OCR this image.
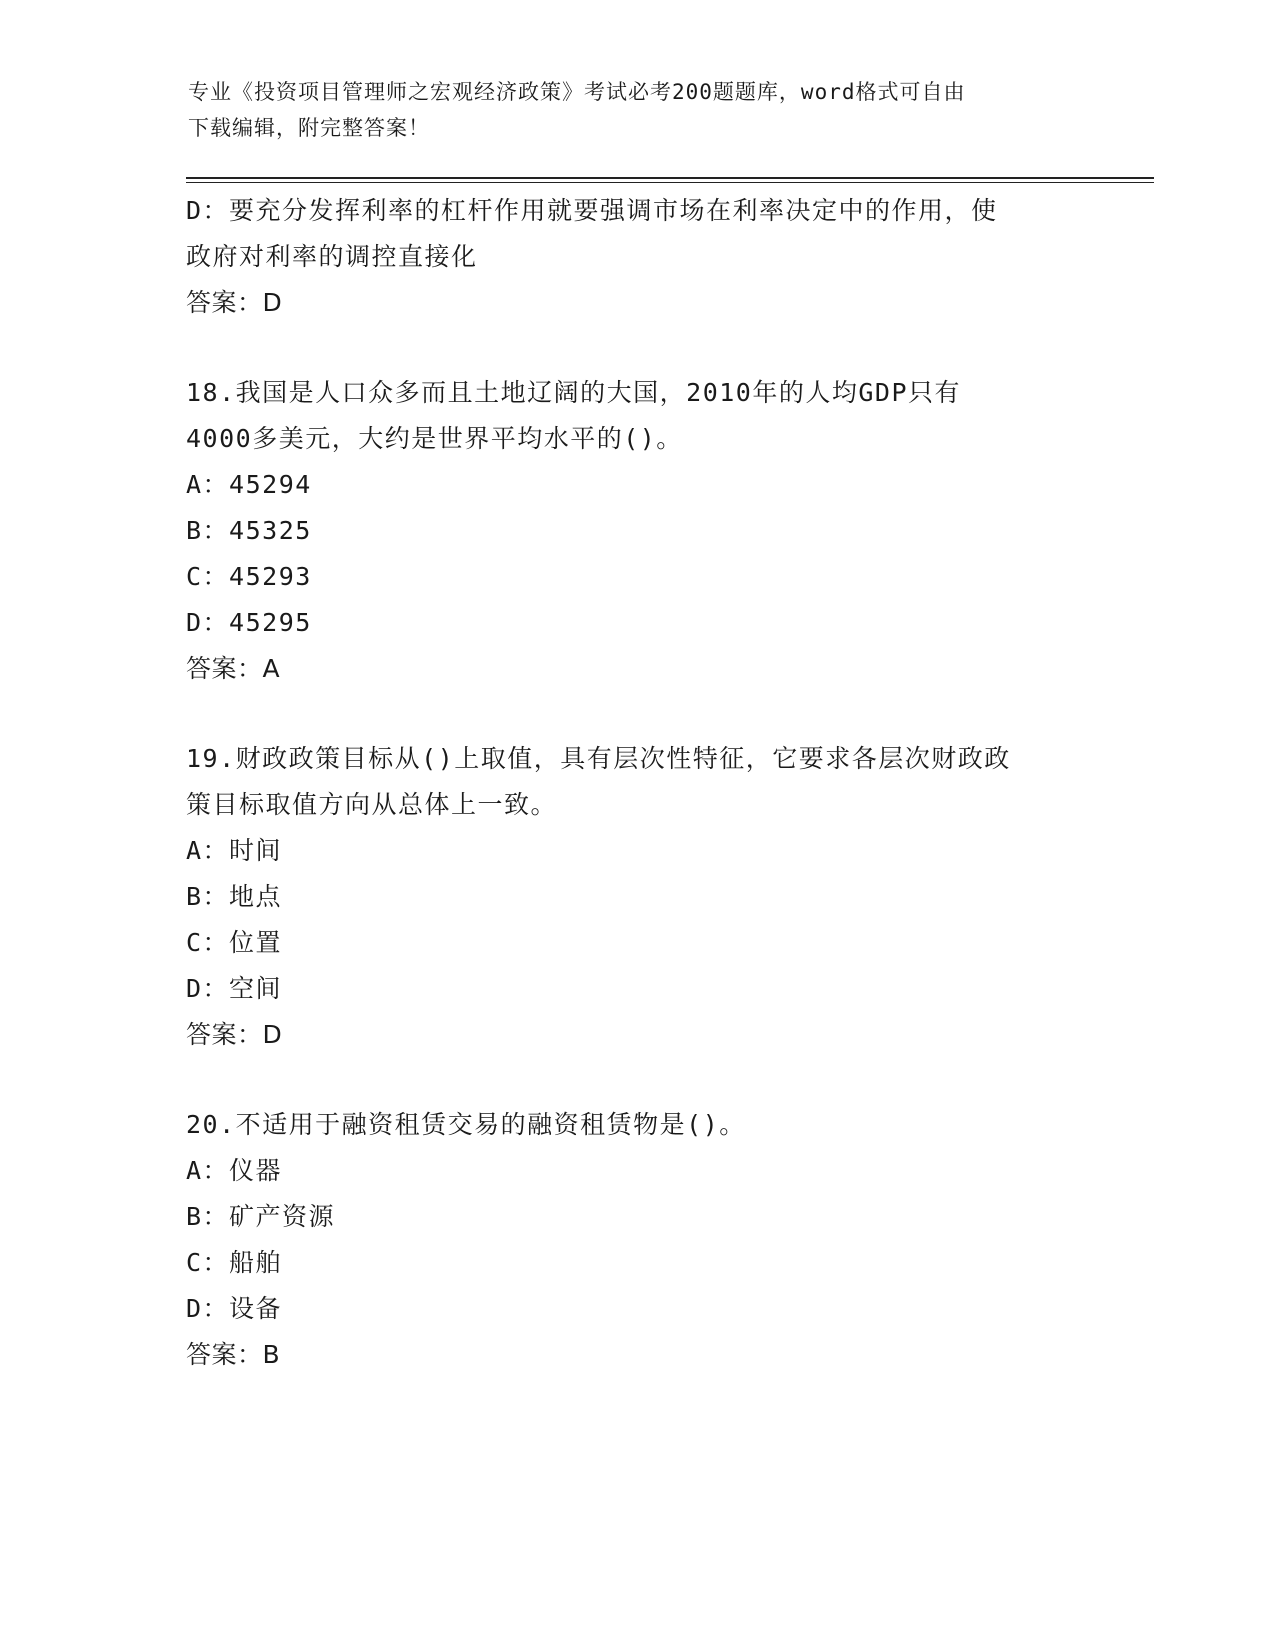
专业《投资项目管理师之宏观经济政策》考试必考200题题库，word格式可自由
下载编辑，附完整答案！
D：要充分发挥利率的杠杆作用就要强调市场在利率决定中的作用，使
政府对利率的调控直接化
答案：D
18.我国是人口众多而且土地辽阔的大国，2010年的人均GDP只有
4000多美元，大约是世界平均水平的()。
A：45294
B：45325
C：45293
D：45295
答案：A
19.财政政策目标从()上取值，具有层次性特征，它要求各层次财政政
策目标取值方向从总体上一致。
A：时间
B：地点
C：位置
D：空间
答案：D
20.不适用于融资租赁交易的融资租赁物是()。
A：仪器
B：矿产资源
C：船舶
D：设备
答案：B
